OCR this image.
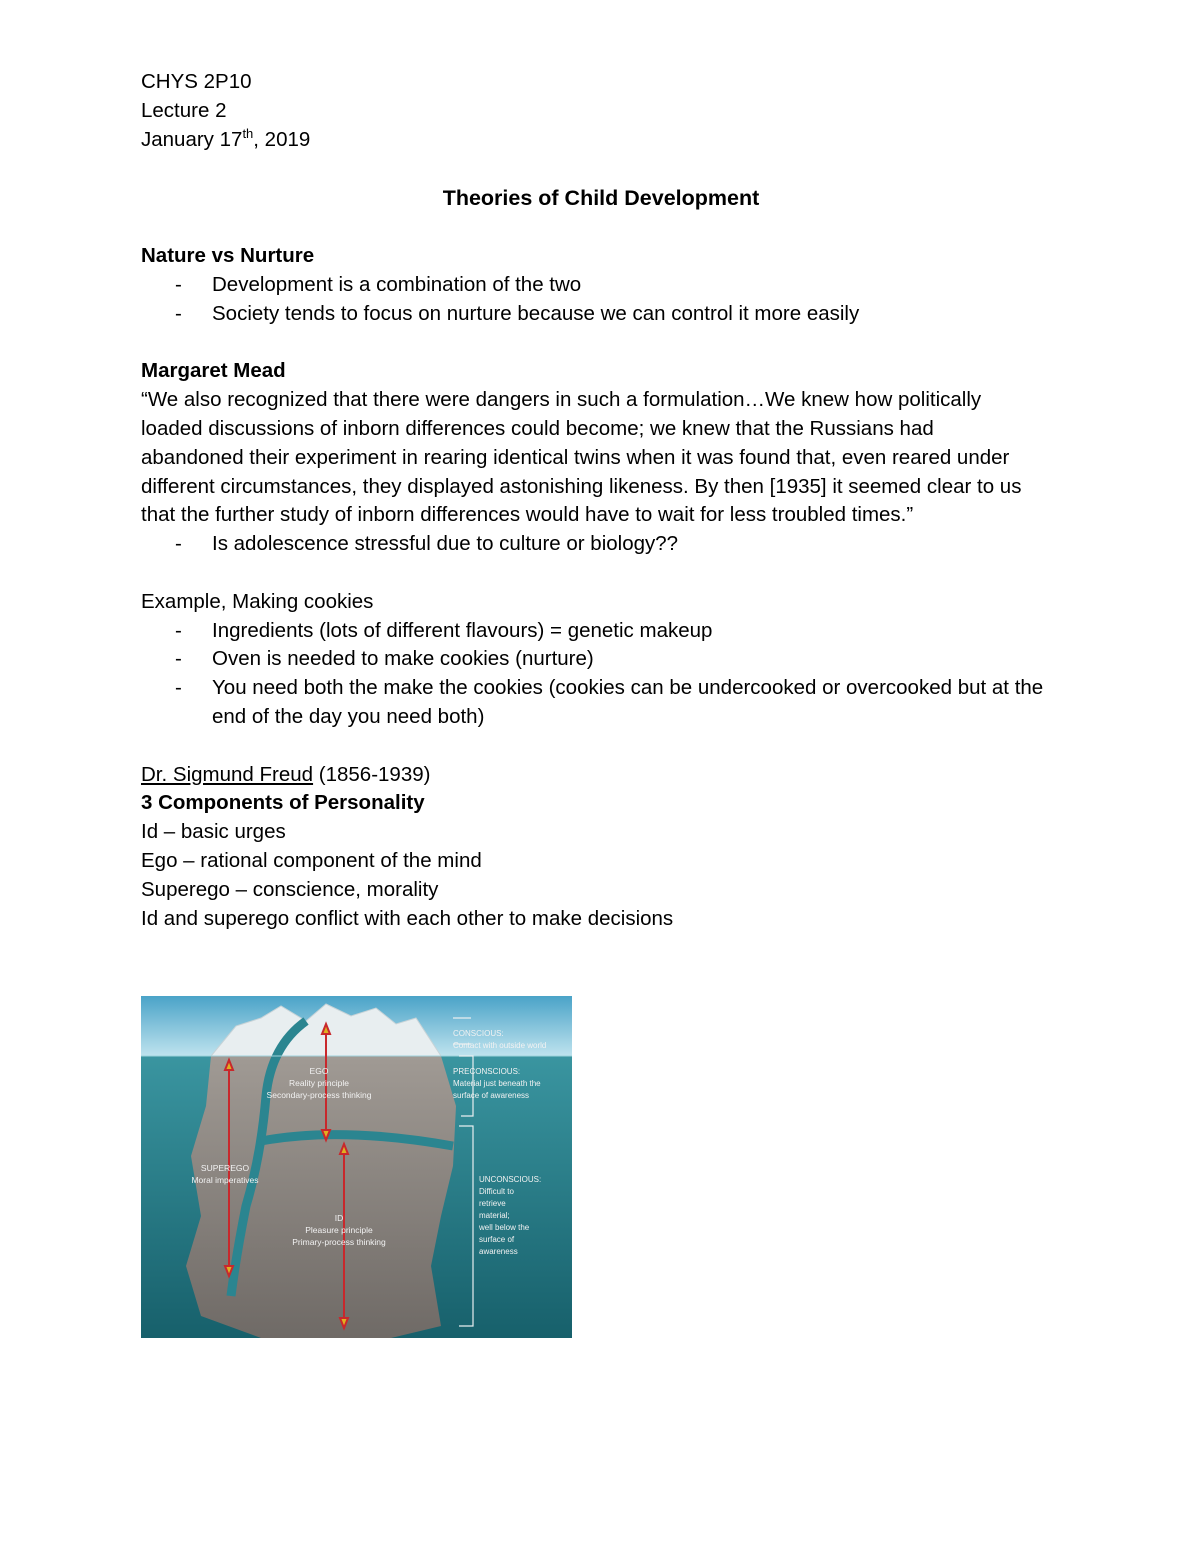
CHYS 2P10
Lecture 2
January 17th, 2019
Theories of Child Development
Nature vs Nurture
- Development is a combination of the two
- Society tends to focus on nurture because we can control it more easily
Margaret Mead
“We also recognized that there were dangers in such a formulation…We knew how politically loaded discussions of inborn differences could become; we knew that the Russians had abandoned their experiment in rearing identical twins when it was found that, even reared under different circumstances, they displayed astonishing likeness. By then [1935] it seemed clear to us that the further study of inborn differences would have to wait for less troubled times.”
- Is adolescence stressful due to culture or biology??
Example, Making cookies
- Ingredients (lots of different flavours) = genetic makeup
- Oven is needed to make cookies (nurture)
- You need both the make the cookies (cookies can be undercooked or overcooked but at the end of the day you need both)
Dr. Sigmund Freud (1856-1939)
3 Components of Personality
Id – basic urges
Ego – rational component of the mind
Superego – conscience, morality
Id and superego conflict with each other to make decisions
EGO
Reality principle
Secondary-process thinking
SUPEREGO
Moral imperatives
ID
Pleasure principle
Primary-process thinking
CONSCIOUS:
Contact with outside world
PRECONSCIOUS:
Material just beneath the
surface of awareness
UNCONSCIOUS:
Difficult to
retrieve
material;
well below the
surface of
awareness
